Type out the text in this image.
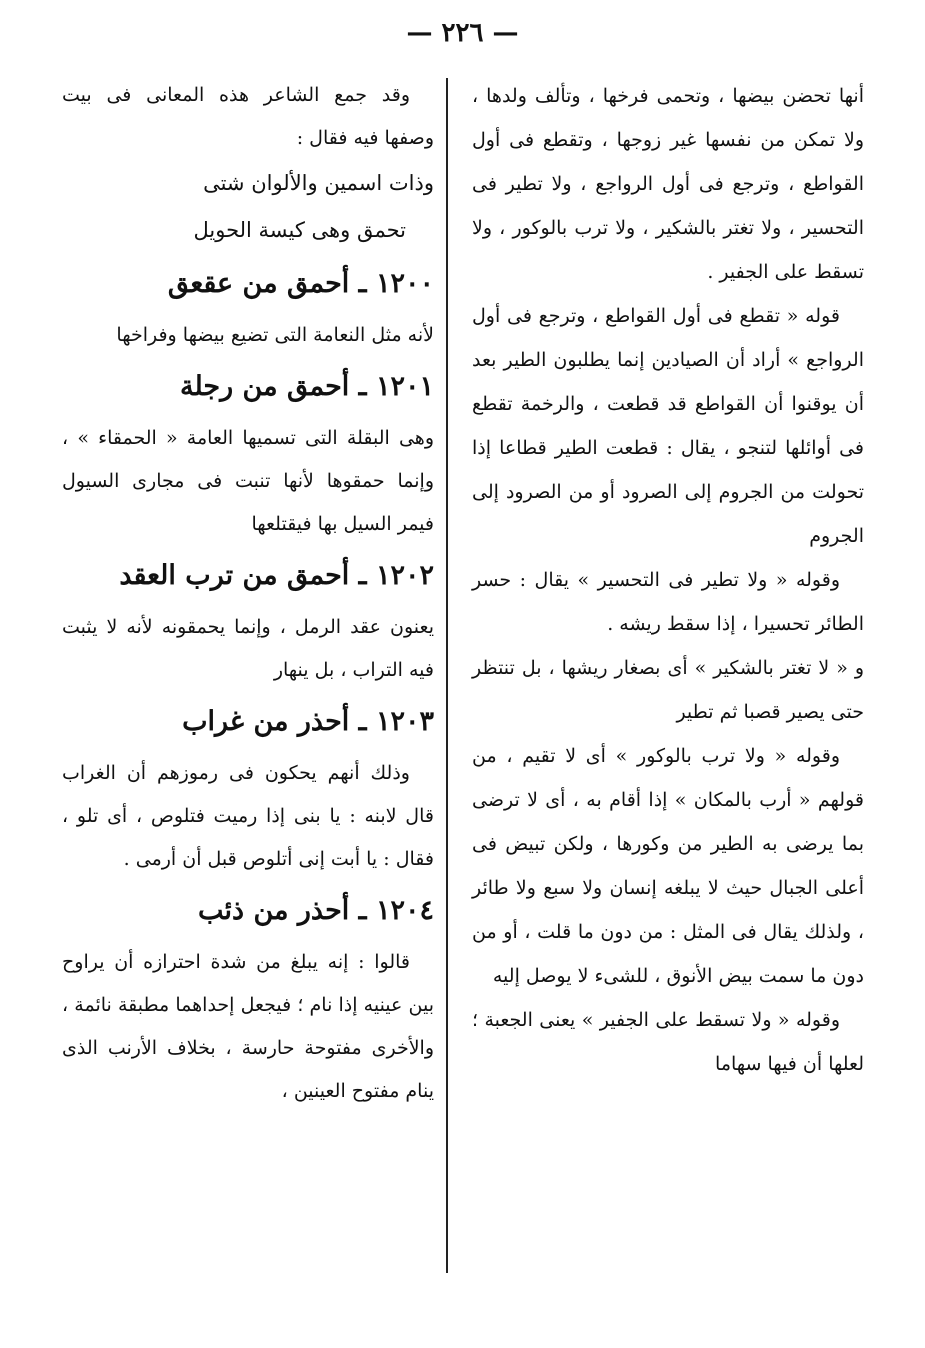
— ٢٢٦ —

أنها تحضن بيضها ، وتحمى فرخها ، وتألف ولدها ، ولا تمكن من نفسها غير زوجها ، وتقطع فى أول القواطع ، وترجع فى أول الرواجع ، ولا تطير فى التحسير ، ولا تغتر بالشكير ، ولا ترب بالوكور ، ولا تسقط على الجفير .

قوله « تقطع فى أول القواطع ، وترجع فى أول الرواجع » أراد أن الصيادين إنما يطلبون الطير بعد أن يوقنوا أن القواطع قد قطعت ، والرخمة تقطع فى أوائلها لتنجو ، يقال : قطعت الطير قطاعا إذا تحولت من الجروم إلى الصرود أو من الصرود إلى الجروم

وقوله « ولا تطير فى التحسير » يقال : حسر الطائر تحسيرا ، إذا سقط ريشه .

و « لا تغتر بالشكير » أى بصغار ريشها ، بل تنتظر حتى يصير قصبا ثم تطير

وقوله « ولا ترب بالوكور » أى لا تقيم ، من قولهم « أرب بالمكان » إذا أقام به ، أى لا ترضى بما يرضى به الطير من وكورها ، ولكن تبيض فى أعلى الجبال حيث لا يبلغه إنسان ولا سبع ولا طائر ، ولذلك يقال فى المثل : من دون ما قلت ، أو من دون ما سمت بيض الأنوق ، للشىء لا يوصل إليه

وقوله « ولا تسقط على الجفير » يعنى الجعبة ؛ لعلها أن فيها سهاما

وقد جمع الشاعر هذه المعانى فى بيت وصفها فيه فقال :

وذات اسمين والألوان شتى

تحمق وهى كيسة الحويل

١٢٠٠ ـ أحمق من عقعق

لأنه مثل النعامة التى تضيع بيضها وفراخها

١٢٠١ ـ أحمق من رجلة

وهى البقلة التى تسميها العامة « الحمقاء » ، وإنما حمقوها لأنها تنبت فى مجارى السيول فيمر السيل بها فيقتلعها

١٢٠٢ ـ أحمق من ترب العقد

يعنون عقد الرمل ، وإنما يحمقونه لأنه لا يثبت فيه التراب ، بل ينهار

١٢٠٣ ـ أحذر من غراب

وذلك أنهم يحكون فى رموزهم أن الغراب قال لابنه : يا بنى إذا رميت فتلوص ، أى تلو ، فقال : يا أبت إنى أتلوص قبل أن أرمى .

١٢٠٤ ـ أحذر من ذئب

قالوا : إنه يبلغ من شدة احترازه أن يراوح بين عينيه إذا نام ؛ فيجعل إحداهما مطبقة نائمة ، والأخرى مفتوحة حارسة ، بخلاف الأرنب الذى ينام مفتوح العينين ،
